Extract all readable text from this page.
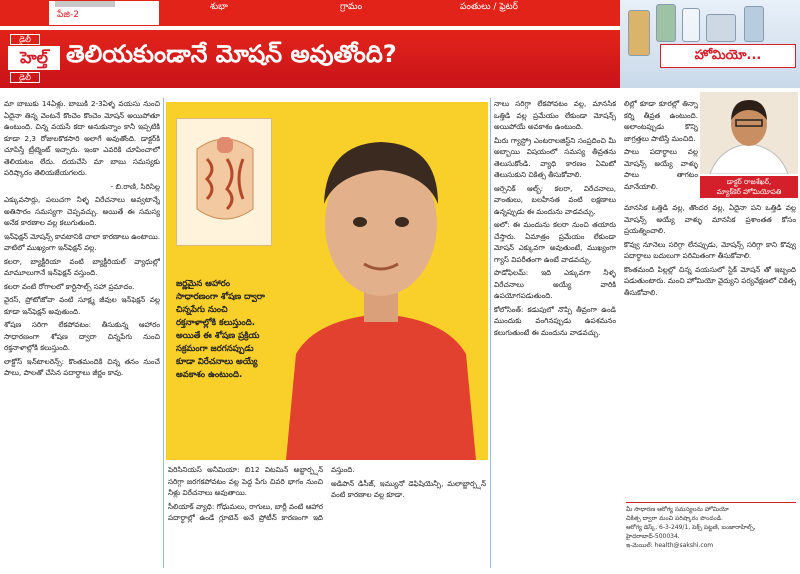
పేజి-2
శుభా	గ్రామం	పంతులు / ఫ్రెటర్
డైలీ
హెల్త్
డైలీ
తెలియకుండానే మోషన్ అవుతోంది?	హోమియో...

మా బాబుకు 14ఏళ్లు. బాబుకి 2-3ఏళ్ళ వయసు నుంచి ఏదైనా తిన్న వెంటనే కొంచెం కొంచెం మోషన్ అయిపోతూ ఉంటుంది. చిన్న వయసే కదా అనుకున్నాం కానీ ఇప్పటికి కూడా 2,3 రోజులకొకసారి అలాగే అవుతోంది. డాక్టర్‌కి చూపిస్తే ట్రీట్మెంట్ ఇచ్చారు. ఇంకా ఎవరికి చూపించాలో తెలియటం లేదు. దయచేసి మా బాబు సమస్యకు పరిష్కారం తెలియజేయగలరు.

- బి.రాణి, సిరిసిల్ల

ఎక్కువసార్లు, పలుచగా నీళ్ళ విరేచనాలు అవ్వటాన్నే అతిసారం సమస్యగా చెప్పవచ్చు. అయితే ఈ సమస్య అనేక కారణాల వల్ల కలుగుతుంది.

ఇన్‌ఫెక్షన్ మోషన్స్ కావటానికి చాలా కారణాలు ఉంటాయి. వాటిలో ముఖ్యంగా ఇన్‌ఫెక్షన్ వల్ల.

కలరా, బ్యాక్టీరియా వంటి బ్యాక్టీరియల్ వ్యాధుల్లో మామూలుగానే ఇన్‌ఫెక్షన్ వస్తుంది.

కలరా వంటి రోగాలలో కార్టిసాల్స్ సహా ప్రమాదం.

వైరస్, ప్రోటోజోవా వంటి సూక్ష్మ జీవుల ఇన్‌ఫెక్షన్ వల్ల కూడా ఇన్‌ఫెక్షన్ అవుతుంది.

శోషణ సరిగా లేకపోవటం: తీసుకున్న ఆహారం సాధారణంగా శోషణ ద్వారా చిన్నపేగు నుంచి రక్తనాళాల్లోకి కలుస్తుంది.

లాక్టోస్ ఇన్‌టాలరెన్స్: కొంతమందికి చిన్న తనం నుంచే పాలు, పాలతో చేసిన పదార్థాలు జీర్ణం కావు.

జర్ణమైన ఆహారం సాధారణంగా శోషణ ద్వారా చిన్నపేగు నుంచి రక్తనాళాల్లోకి కలుస్తుంది. అయితే ఈ శోషణ ప్రక్రియ సక్రమంగా జరగనప్పుడు కూడా విరేచనాలు అయ్యే అవకాశం ఉంటుంది.

పెరిసినియస్ అనీమియా: బి12 విటమిన్ అబ్జార్ప్షన్ సరిగ్గా జరగకపోవటం వల్ల పెద్ద పేగు చివరి భాగం నుంచి నీళ్లు విరేచనాలు అవుతాయి.

సీలియాక్ వ్యాధి: గోధుమలు, రాగులు, బార్లీ వంటి ఆహార పదార్థాల్లో ఉండే గ్లూటెన్ అనే ప్రోటీన్ కారణంగా ఇది వస్తుంది.

అడిపొన్ డిసీజ్, ఇమ్యునో డెఫిషియెన్సీ, మలాబ్జార్ప్షన్ వంటి కారణాల వల్ల కూడా.

నాలు సరిగ్గా లేకపోవటం వల్ల, మానసిక ఒత్తిడి వల్ల ప్రమేయం లేకుండా మోషన్స్ అయిపోయే అవకాశం ఉంటుంది.

మీరు గ్యాస్ట్రో ఎంటరాలజిస్ట్‌ని సంప్రదించి మీ అబ్బాయి విషయంలో సమస్య తీవ్రతను తెలుసుకోండి. వ్యాధి కారణం ఏమిటో తెలుసుకుని చికిత్స తీసుకోవాలి.

ఆర్సెనిక్ ఆల్బ్: కలరా, విరేచనాలు, వాంతులు, బలహీనత వంటి లక్షణాలు ఉన్నప్పుడు ఈ మందును వాడవచ్చు.

అలో: ఈ మందును కలరా నుంచి తయారు చేస్తారు. ఏమాత్రం ప్రమేయం లేకుండా మోషన్ ఎక్కువగా అవుతుంటే, ముఖ్యంగా గ్యాస్ విపరీతంగా ఉంటే వాడవచ్చు.

పొడోఫిలమ్: ఇది ఎక్కువగా నీళ్ళ విరేచనాలు అయ్యే వారికి ఉపయోగపడుతుంది.

కోలోసింత్: కడుపులో నొప్పి తీవ్రంగా ఉండి ముందుకు వంగినప్పుడు ఉపశమనం కలుగుతుంటే ఈ మందును వాడవచ్చు.

లిల్లో కూడా కూరల్లో తిన్నా కర్ని తీవ్రత ఉంటుంది. అలాంటప్పుడు కొన్ని జాగ్రత్తలు పాటిస్తే మంచిది.

పాలు పదార్థాలు వల్ల మోషన్స్ అయ్యే వాళ్ళు పాలు తాగటం మానేయాలి.	డాక్టర్ రాజశేఖర్,
మ్యాక్‌కెర్ హోమియోపతి

మానసిక ఒత్తిడి వల్ల, తొందర వల్ల, ఏదైనా పని ఒత్తిడి వల్ల మోషన్స్ అయ్యే వాళ్ళు మానసిక ప్రశాంతత కోసం ప్రయత్నించాలి.

కొవ్వు నూనెలు సరిగ్గా లేనప్పుడు, మోషన్స్ సరిగ్గా కాని కొవ్వు పదార్థాలు బదులుగా పరిమితంగా తీసుకోవాలి.

కొంతమంది పిల్లల్లో చిన్న వయసులో స్టిక్ మోషన్ తో ఇబ్బంది పడుతుంటారు. మంచి హోమియో వైద్యుని పర్యవేక్షణలో చికిత్స తీసుకోవాలి.

మీ సాధారణ ఆరోగ్య సమస్యలను హోమియో
చికిత్స ద్వారా మంచి పరిష్కారం పొందండి.
ఆరోగ్య డెస్క్, 6-3-249/1, పెక్స్ పట్టణి, బంజారాహిల్స్, హైదరాబాద్-500034.
ఇ-మెయిల్: health@sakshi.com
